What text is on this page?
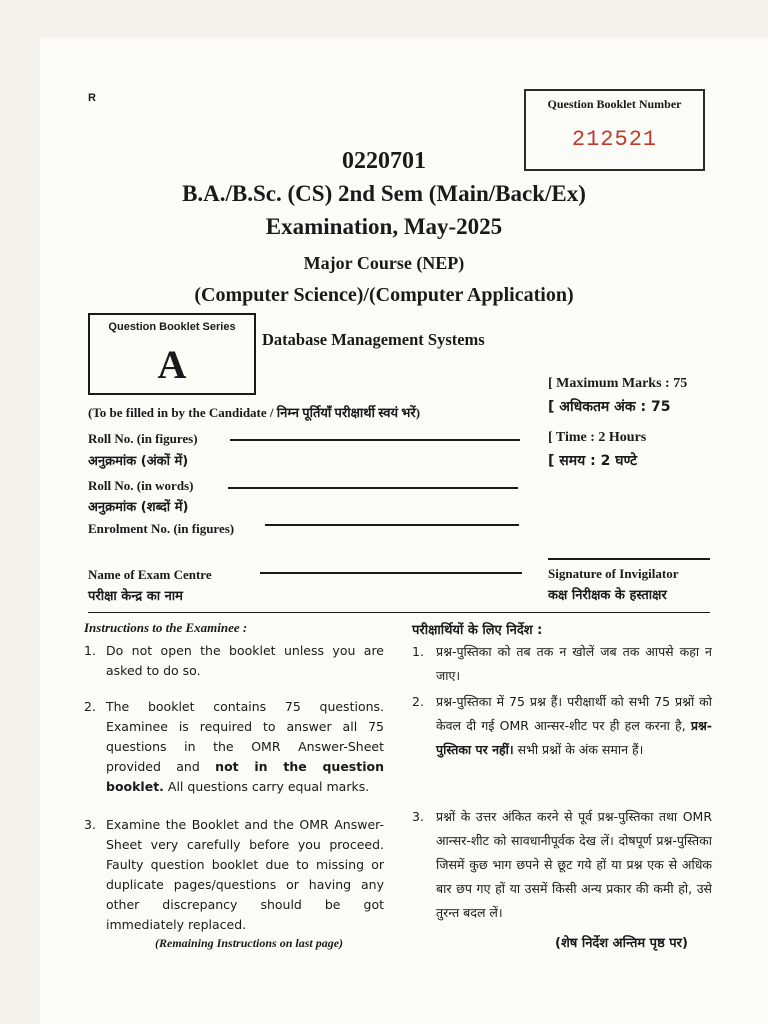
R	Question Booklet Number
212521
0220701
B.A./B.Sc. (CS) 2nd Sem (Main/Back/Ex)
Examination, May-2025
Major Course (NEP)
(Computer Science)/(Computer Application)
Question Booklet Series
A
Database Management Systems
[ Maximum Marks : 75
[ अधिकतम अंक : 75
[ Time : 2 Hours
[ समय : 2 घण्टे
(To be filled in by the Candidate / निम्न पूर्तियाँ परीक्षार्थी स्वयं भरें)
Roll No. (in figures)
अनुक्रमांक (अंकों में)
Roll No. (in words)
अनुक्रमांक (शब्दों में)
Enrolment No. (in figures)
Name of Exam Centre
परीक्षा केन्द्र का नाम
Signature of Invigilator
कक्ष निरीक्षक के हस्ताक्षर
Instructions to the Examinee :	परीक्षार्थियों के लिए निर्देश :
1. Do not open the booklet unless you are asked to do so.
2. The booklet contains 75 questions. Examinee is required to answer all 75 questions in the OMR Answer-Sheet provided and not in the question booklet. All questions carry equal marks.
3. Examine the Booklet and the OMR Answer-Sheet very carefully before you proceed. Faulty question booklet due to missing or duplicate pages/questions or having any other discrepancy should be got immediately replaced.
(Remaining Instructions on last page)
1. प्रश्न-पुस्तिका को तब तक न खोलें जब तक आपसे कहा न जाए।
2. प्रश्न-पुस्तिका में 75 प्रश्न हैं। परीक्षार्थी को सभी 75 प्रश्नों को केवल दी गई OMR आन्सर-शीट पर ही हल करना है, प्रश्न-पुस्तिका पर नहीं। सभी प्रश्नों के अंक समान हैं।
3. प्रश्नों के उत्तर अंकित करने से पूर्व प्रश्न-पुस्तिका तथा OMR आन्सर-शीट को सावधानीपूर्वक देख लें। दोषपूर्ण प्रश्न-पुस्तिका जिसमें कुछ भाग छपने से छूट गये हों या प्रश्न एक से अधिक बार छप गए हों या उसमें किसी अन्य प्रकार की कमी हो, उसे तुरन्त बदल लें।
(शेष निर्देश अन्तिम पृष्ठ पर)
